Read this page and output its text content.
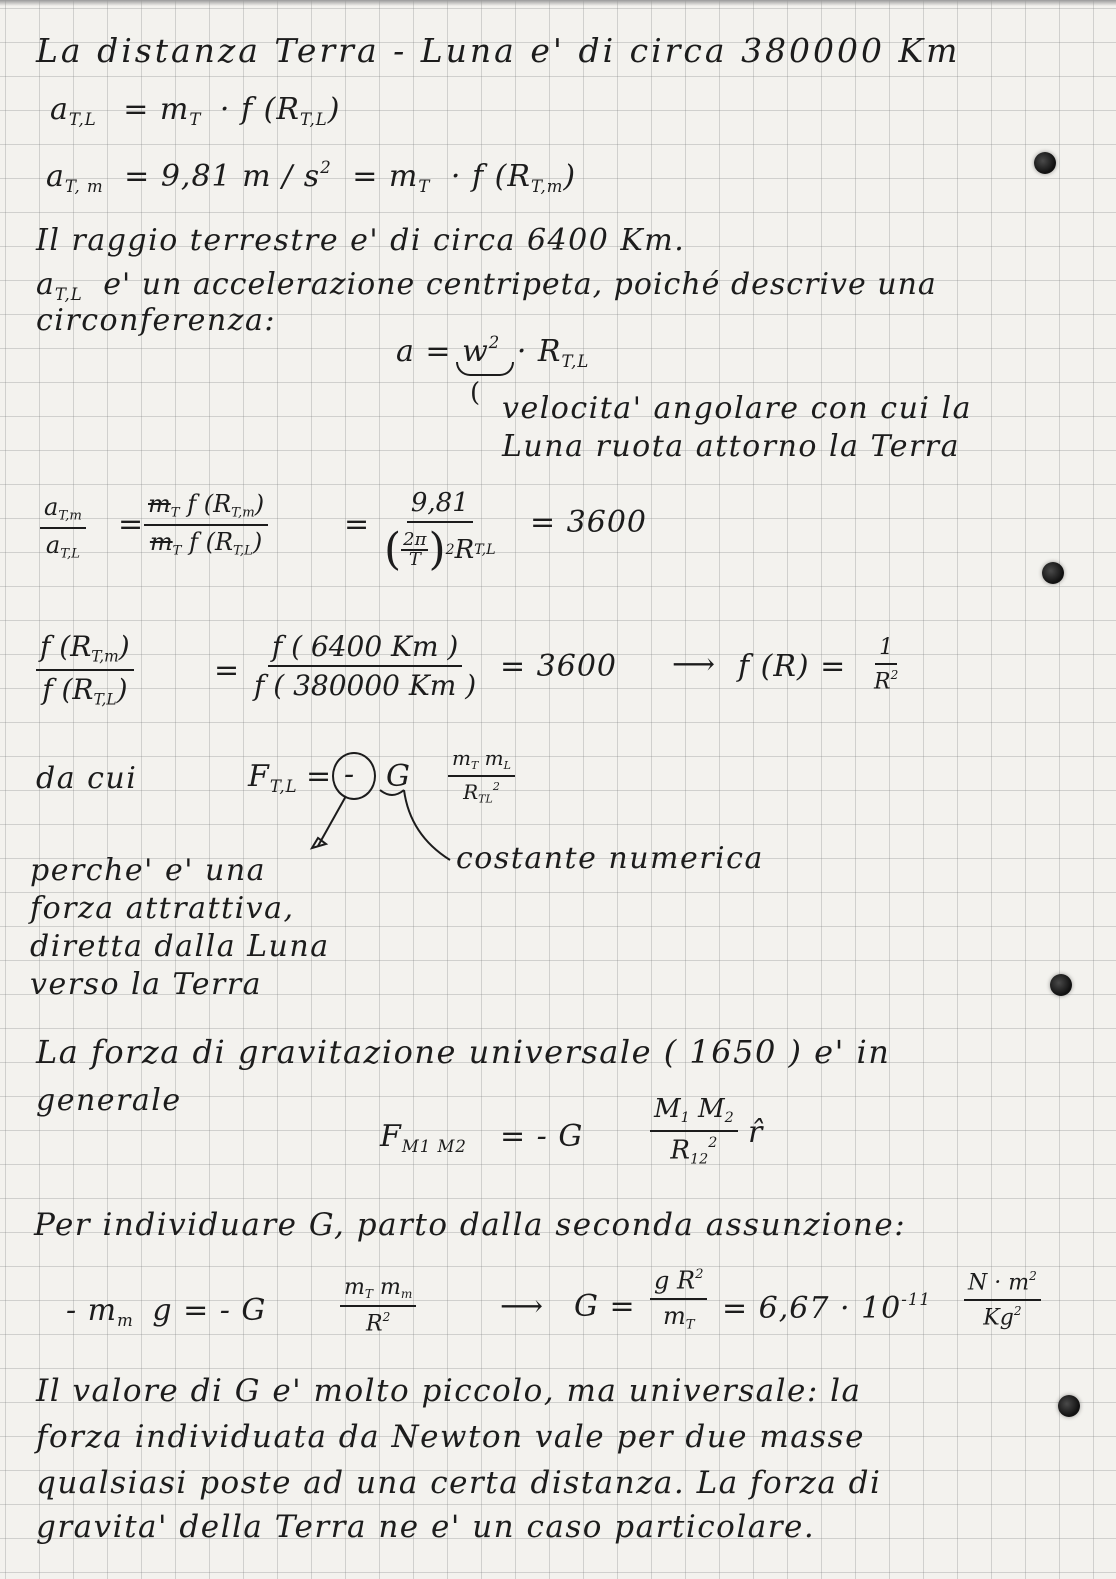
La distanza Terra - Luna e' di circa 380000 Km
$a_{T,L} = m_T \cdot f$ $(R_{T,L})$
$a_{T, m} = 9,81$ $m / s^2 = m_T \cdot f$ $(R_{T,m})$
Il raggio terrestre e' di circa 6400 Km.
$a_{T,L}$ e' un accelerazione centripeta, poiché descrive una
circonferenza:
$a = w^2 \cdot R_{T,L}$
( velocita' angolare con cui la
Luna ruota attorno la Terra
$\frac{a_{T,m}}{a_{T,L}} = \frac{m_T f (R_{T,m})}{m_T f (R_{T,L})}$	= 9,81
( 2π
T ) 2 R T,L = 3600
$\frac{f (R_{T,m})}{f (R_{T,L})}$	= $\frac{f ( 6400 Km )}{f ( 380000 Km )} = 3600$ ⟶ f $(R) = \frac{1}{R^2}$
da cui	$F_{T,L}$ = - G
$m_T$ $m_L$
$R_{TL}^2$
costante numerica
perche' e' una
forza attrattiva,
diretta dalla Luna
verso la Terra
La forza di gravitazione universale ( 1650 ) e' in
generale
$F_{M1 M2}$ = - G	$\frac{M_1 M_2}{R_{12}^2}$ r̂
Per individuare G, parto dalla seconda assunzione:
- $m_m$ g = - G	$\frac{m_T m_m}{R^2}$	⟶ $G = \frac{g R^2}{m_T} = 6,67 \cdot 10^{-11} \frac{N \cdot m^2}{Kg^2}$
Il valore di G e' molto piccolo, ma universale: la
forza individuata da Newton vale per due masse
qualsiasi poste ad una certa distanza. La forza di
gravita' della Terra ne e' un caso particolare.
